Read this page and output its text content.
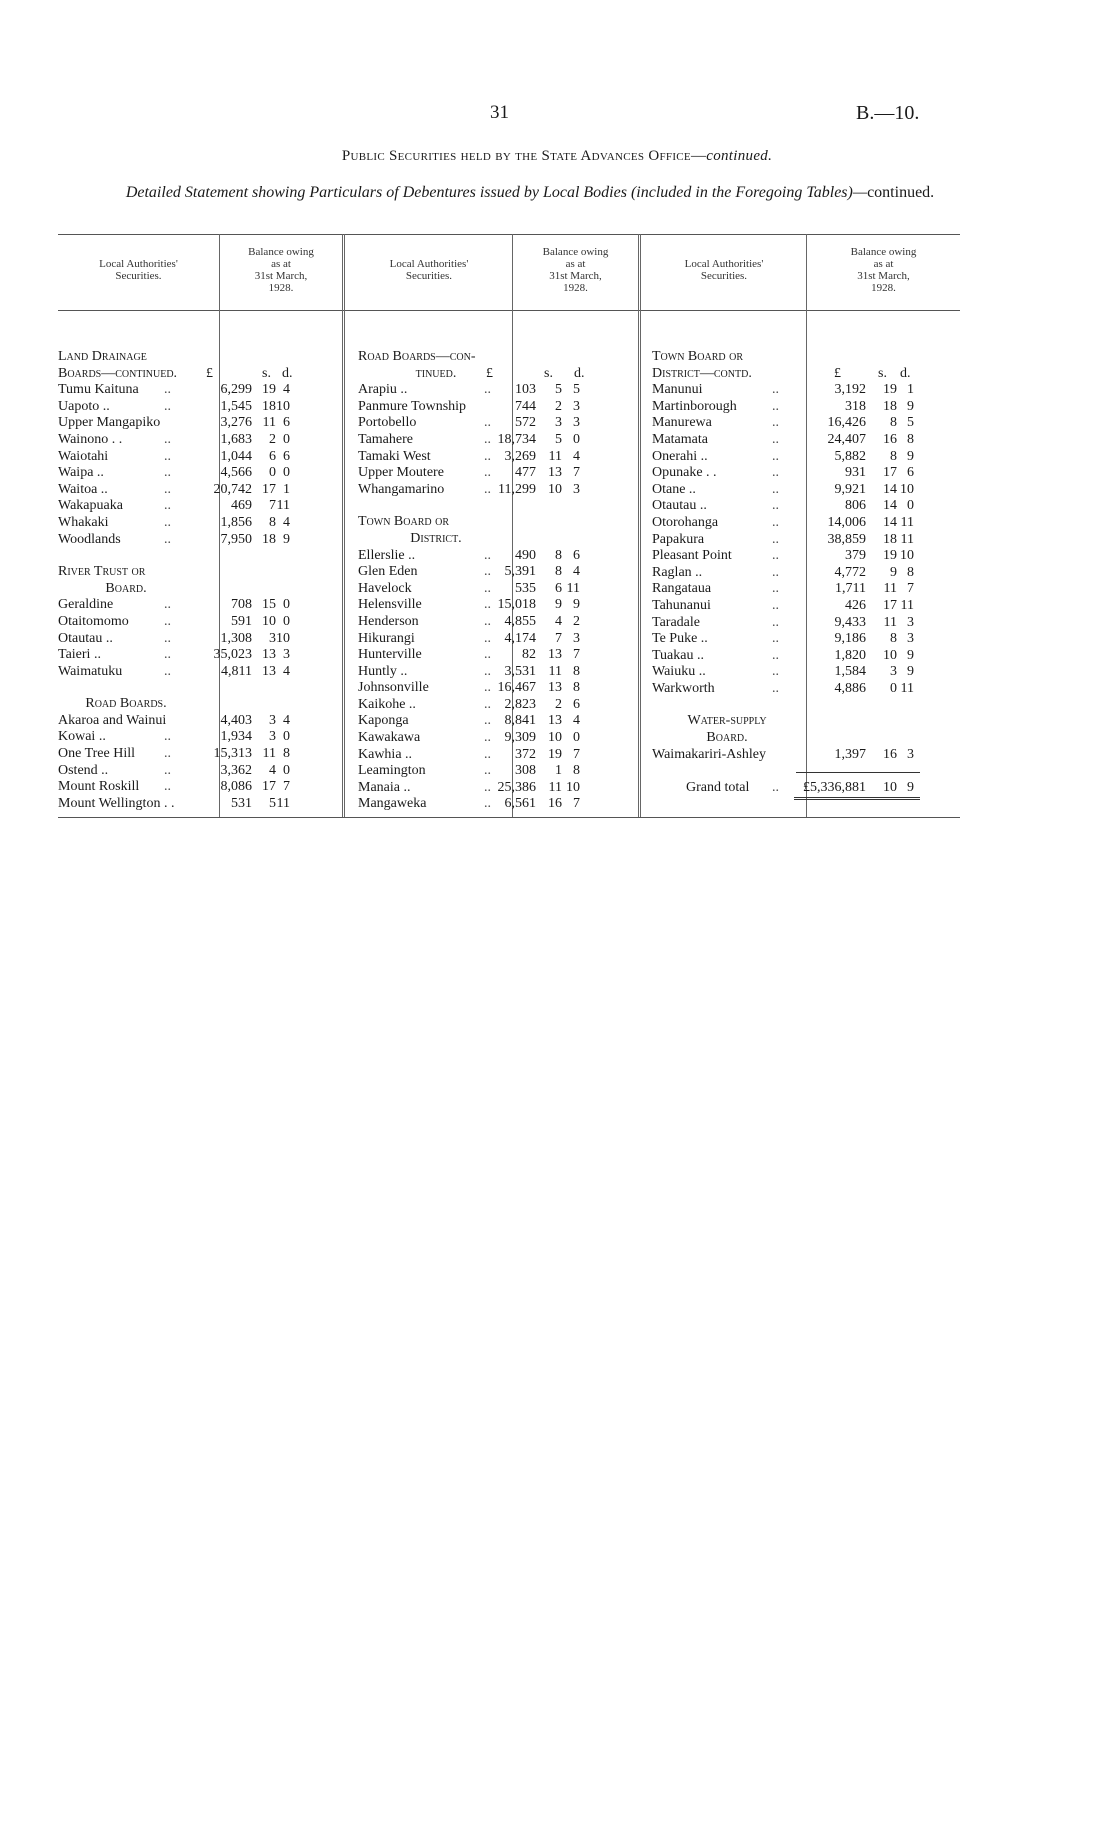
31	B.—10.
Public Securities held by the State Advances Office—continued.
Detailed Statement showing Particulars of Debentures issued by Local Bodies (included in the Foregoing Tables)—continued.
Local Authorities'
Securities.
Balance owing
as at
31st March,
1928.
Local Authorities'
Securities.
Balance owing
as at
31st March,
1928.
Local Authorities'
Securities.
Balance owing
as at
31st March,
1928.
Land Drainage
Boards—continued. £	s. d.
Tumu Kaituna ..	6,299 19 4
Uapoto ..	..	1,545 18 10
Upper Mangapiko	3,276 11 6
Wainono . .	..	1,683 2 0
Waiotahi	..	1,044 6 6
Waipa ..	..	4,566 0 0
Waitoa ..	..	20,742 17 1
Wakapuaka	..	469 7 11
Whakaki	..	1,856 8 4
Woodlands	..	7,950 18 9
River Trust or
Board.
Geraldine	..	708 15 0
Otaitomomo	..	591 10 0
Otautau ..	..	1,308 3 10
Taieri ..	..	35,023 13 3
Waimatuku	..	4,811 13 4
Road Boards.
Akaroa and Wainui	4,403 3 4
Kowai ..	..	1,934 3 0
One Tree Hill ..	15,313 11 8
Ostend ..	..	3,362 4 0
Mount Roskill ..	8,086 17 7
Mount Wellington . .	531 5 11
Road Boards—con-
tinued.	£	s. d.
Arapiu ..	.. 103 5 5
Panmure Township	744 2 3
Portobello	.. 572 3 3
Tamahere	.. 18,734 5 0
Tamaki West	.. 3,269 11 4
Upper Moutere	.. 477 13 7
Whangamarino	.. 11,299 10 3
Town Board or
District.
Ellerslie ..	.. 490 8 6
Glen Eden	.. 5,391 8 4
Havelock	.. 535 6 11
Helensville	.. 15,018 9 9
Henderson	.. 4,855 4 2
Hikurangi	.. 4,174 7 3
Hunterville	.. 82 13 7
Huntly ..	.. 3,531 11 8
Johnsonville	.. 16,467 13 8
Kaikohe ..	.. 2,823 2 6
Kaponga	.. 8,841 13 4
Kawakawa	.. 9,309 10 0
Kawhia ..	.. 372 19 7
Leamington	.. 308 1 8
Manaia ..	.. 25,386 11 10
Mangaweka	.. 6,561 16 7
Town Board or
District—contd.	£	s. d.
Manunui	..	3,192 19 1
Martinborough	..	318 18 9
Manurewa	..	16,426 8 5
Matamata	..	24,407 16 8
Onerahi ..	..	5,882 8 9
Opunake . .	..	931 17 6
Otane ..	..	9,921 14 10
Otautau ..	..	806 14 0
Otorohanga	..	14,006 14 11
Papakura	..	38,859 18 11
Pleasant Point	..	379 19 10
Raglan ..	..	4,772 9 8
Rangataua	..	1,711 11 7
Tahunanui	..	426 17 11
Taradale	..	9,433 11 3
Te Puke ..	..	9,186 8 3
Tuakau ..	..	1,820 10 9
Waiuku ..	..	1,584 3 9
Warkworth	..	4,886 0 11
Water-supply
Board.
Waimakariri-Ashley	1,397 16 3
Grand total .. £5,336,881 10 9
